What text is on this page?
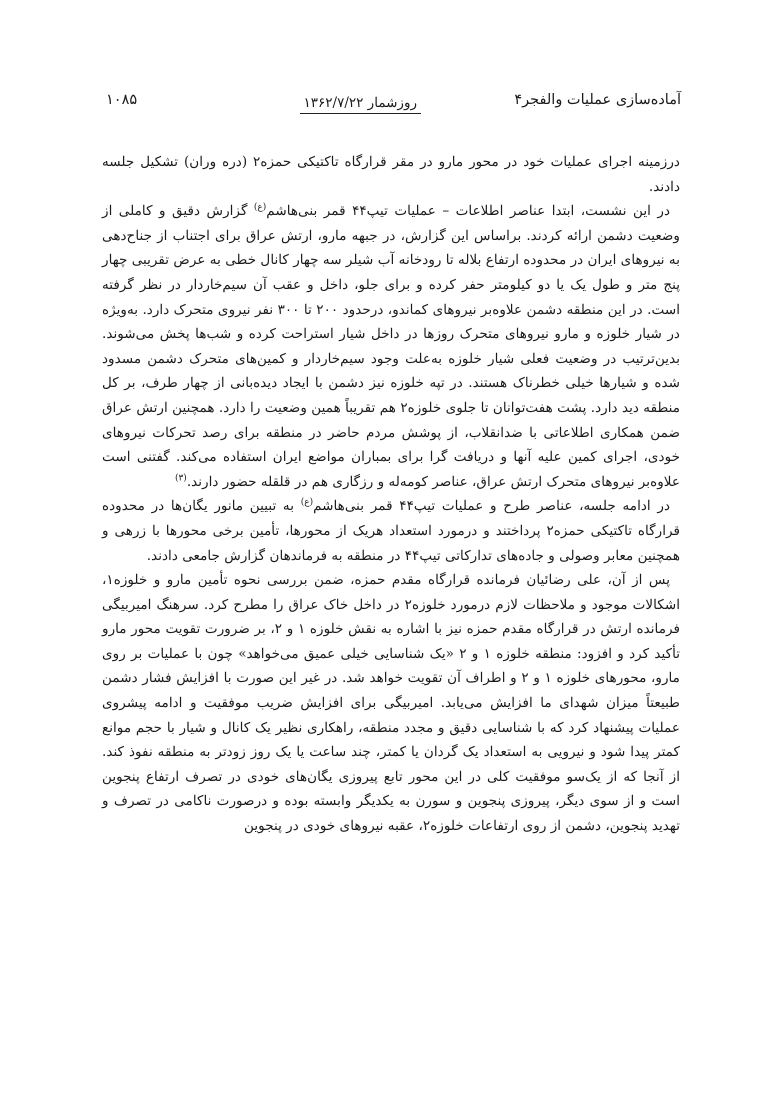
آماده‌سازی عملیات والفجر۴
روزشمار ۱۳۶۲/۷/۲۲
۱۰۸۵

درزمینه اجرای عملیات خود در محور مارو در مقر قرارگاه تاکتیکی حمزه۲ (دره وران) تشکیل جلسه دادند.

در این نشست، ابتدا عناصر اطلاعات – عملیات تیپ۴۴ قمر بنی‌هاشم$^{(ع)}$ گزارش دقیق و کاملی از وضعیت دشمن ارائه کردند. براساس این گزارش، در جبهه مارو، ارتش عراق برای اجتناب از جناح‌دهی به نیروهای ایران در محدوده ارتفاع بلاله تا رودخانه آب شیلر سه چهار کانال خطی به عرض تقریبی چهار پنج متر و طول یک یا دو کیلومتر حفر کرده و برای جلو، داخل و عقب آن سیم‌خاردار در نظر گرفته است. در این منطقه دشمن علاوه‌بر نیروهای کماندو، درحدود ۲۰۰ تا ۳۰۰ نفر نیروی متحرک دارد. به‌ویژه در شیار خلوزه و مارو نیروهای متحرک روزها در داخل شیار استراحت کرده و شب‌ها پخش می‌شوند. بدین‌ترتیب در وضعیت فعلی شیار خلوزه به‌علت وجود سیم‌خاردار و کمین‌های متحرک دشمن مسدود شده و شیارها خیلی خطرناک هستند. در تپه خلوزه نیز دشمن با ایجاد دیده‌بانی از چهار طرف، بر کل منطقه دید دارد. پشت هفت‌توانان تا جلوی خلوزه۲ هم تقریباً همین وضعیت را دارد. همچنین ارتش عراق ضمن همکاری اطلاعاتی با ضدانقلاب، از پوشش مردم حاضر در منطقه برای رصد تحرکات نیروهای خودی، اجرای کمین علیه آنها و دریافت گرا برای بمباران مواضع ایران استفاده می‌کند. گفتنی است علاوه‌بر نیروهای متحرک ارتش عراق، عناصر کومه‌له و رزگاری هم در قلقله حضور دارند.$^{(۳)}$

در ادامه جلسه، عناصر طرح و عملیات تیپ۴۴ قمر بنی‌هاشم$^{(ع)}$ به تبیین مانور یگان‌ها در محدوده قرارگاه تاکتیکی حمزه۲ پرداختند و درمورد استعداد هریک از محورها، تأمین برخی محورها با زرهی و همچنین معابر وصولی و جاده‌های تدارکاتی تیپ۴۴ در منطقه به فرماندهان گزارش جامعی دادند.

پس از آن، علی رضائیان فرمانده قرارگاه مقدم حمزه، ضمن بررسی نحوه تأمین مارو و خلوزه۱، اشکالات موجود و ملاحظات لازم درمورد خلوزه۲ در داخل خاک عراق را مطرح کرد. سرهنگ امیربیگی فرمانده ارتش در قرارگاه مقدم حمزه نیز با اشاره به نقش خلوزه ۱ و ۲، بر ضرورت تقویت محور مارو تأکید کرد و افزود: منطقه خلوزه ۱ و ۲ «یک شناسایی خیلی عمیق می‌خواهد» چون با عملیات بر روی مارو، محورهای خلوزه ۱ و ۲ و اطراف آن تقویت خواهد شد. در غیر این صورت با افزایش فشار دشمن طبیعتاً میزان شهدای ما افزایش می‌یابد. امیربیگی برای افزایش ضریب موفقیت و ادامه پیشروی عملیات پیشنهاد کرد که با شناسایی دقیق و مجدد منطقه، راهکاری نظیر یک کانال و شیار با حجم موانع کمتر پیدا شود و نیرویی به استعداد یک گردان یا کمتر، چند ساعت یا یک روز زودتر به منطقه نفوذ کند. از آنجا که از یک‌سو موفقیت کلی در این محور تابع پیروزی یگان‌های خودی در تصرف ارتفاع پنجوین است و از سوی دیگر، پیروزی پنجوین و سورن به یکدیگر وابسته بوده و درصورت ناکامی در تصرف و تهدید پنجوین، دشمن از روی ارتفاعات خلوزه۲، عقبه نیروهای خودی در پنجوین
